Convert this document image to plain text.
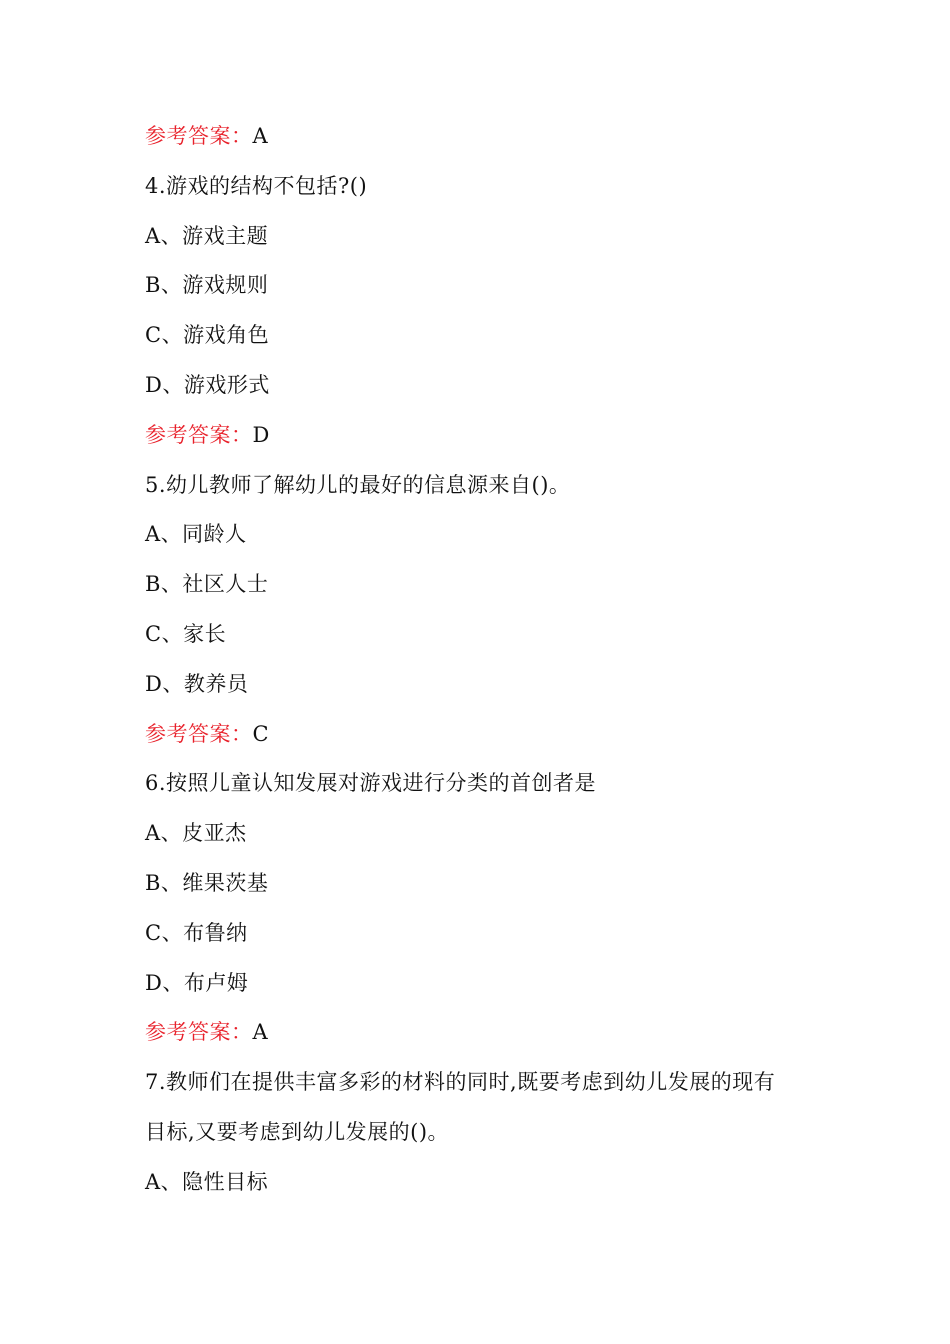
参考答案：A
4.游戏的结构不包括?()
A、游戏主题
B、游戏规则
C、游戏角色
D、游戏形式
参考答案：D
5.幼儿教师了解幼儿的最好的信息源来自()。
A、同龄人
B、社区人士
C、家长
D、教养员
参考答案：C
6.按照儿童认知发展对游戏进行分类的首创者是
A、皮亚杰
B、维果茨基
C、布鲁纳
D、布卢姆
参考答案：A
7.教师们在提供丰富多彩的材料的同时,既要考虑到幼儿发展的现有
目标,又要考虑到幼儿发展的()。
A、隐性目标
